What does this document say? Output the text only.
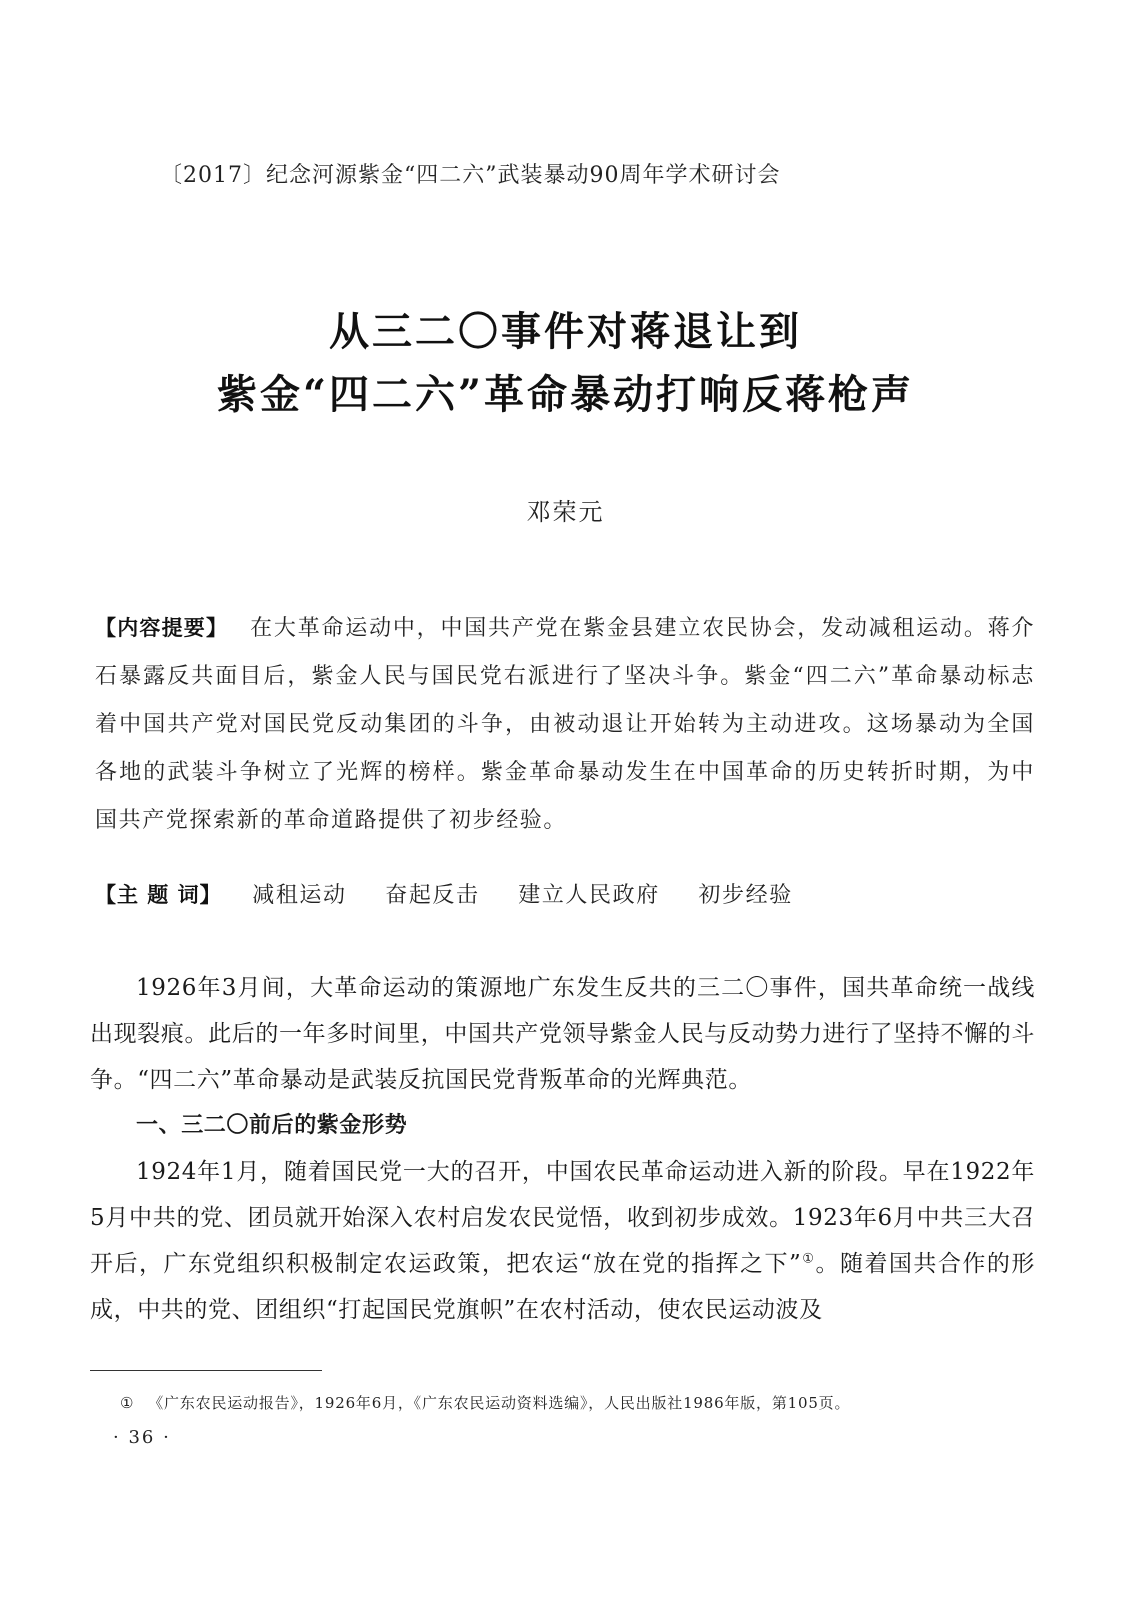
〔2017〕纪念河源紫金“四二六”武装暴动90周年学术研讨会
从三二〇事件对蒋退让到
紫金“四二六”革命暴动打响反蒋枪声
邓荣元
【内容提要】 在大革命运动中，中国共产党在紫金县建立农民协会，发动减租运动。蒋介石暴露反共面目后，紫金人民与国民党右派进行了坚决斗争。紫金“四二六”革命暴动标志着中国共产党对国民党反动集团的斗争，由被动退让开始转为主动进攻。这场暴动为全国各地的武装斗争树立了光辉的榜样。紫金革命暴动发生在中国革命的历史转折时期，为中国共产党探索新的革命道路提供了初步经验。
【主 题 词】 减租运动 奋起反击 建立人民政府 初步经验

1926年3月间，大革命运动的策源地广东发生反共的三二〇事件，国共革命统一战线出现裂痕。此后的一年多时间里，中国共产党领导紫金人民与反动势力进行了坚持不懈的斗争。“四二六”革命暴动是武装反抗国民党背叛革命的光辉典范。

一、三二〇前后的紫金形势

1924年1月，随着国民党一大的召开，中国农民革命运动进入新的阶段。早在1922年5月中共的党、团员就开始深入农村启发农民觉悟，收到初步成效。1923年6月中共三大召开后，广东党组织积极制定农运政策，把农运“放在党的指挥之下”①。随着国共合作的形成，中共的党、团组织“打起国民党旗帜”在农村活动，使农民运动波及

① 《广东农民运动报告》，1926年6月，《广东农民运动资料选编》，人民出版社1986年版，第105页。
· 36 ·
